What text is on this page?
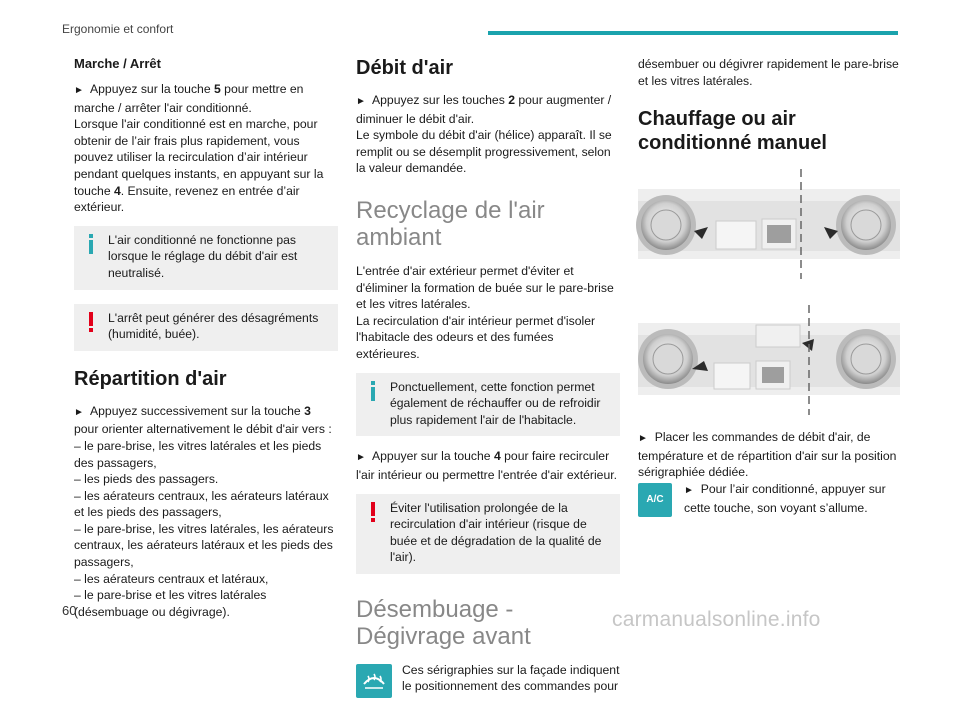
Ergonomie et confort
Marche / Arrêt

► Appuyez sur la touche 5 pour mettre en marche / arrêter l'air conditionné.

Lorsque l'air conditionné est en marche, pour obtenir de l’air frais plus rapidement, vous pouvez utiliser la recirculation d’air intérieur pendant quelques instants, en appuyant sur la touche 4. Ensuite, revenez en entrée d’air extérieur.

L'air conditionné ne fonctionne pas lorsque le réglage du débit d'air est neutralisé.
L'arrêt peut générer des désagréments (humidité, buée).
Répartition d'air

► Appuyez successivement sur la touche 3 pour orienter alternativement le débit d'air vers :

– le pare-brise, les vitres latérales et les pieds des passagers,

– les pieds des passagers.

– les aérateurs centraux, les aérateurs latéraux et les pieds des passagers,

– le pare-brise, les vitres latérales, les aérateurs centraux, les aérateurs latéraux et les pieds des passagers,

– les aérateurs centraux et latéraux,

– le pare-brise et les vitres latérales (désembuage ou dégivrage).

Débit d'air

► Appuyez sur les touches 2 pour augmenter / diminuer le débit d'air.

Le symbole du débit d'air (hélice) apparaît. Il se remplit ou se désemplit progressivement, selon la valeur demandée.

Recyclage de l'air ambiant

L'entrée d'air extérieur permet d'éviter et d'éliminer la formation de buée sur le pare-brise et les vitres latérales.

La recirculation d'air intérieur permet d'isoler l'habitacle des odeurs et des fumées extérieures.

Ponctuellement, cette fonction permet également de réchauffer ou de refroidir plus rapidement l'air de l'habitacle.

► Appuyer sur la touche 4 pour faire recirculer l'air intérieur ou permettre l'entrée d'air extérieur.

Éviter l'utilisation prolongée de la recirculation d'air intérieur (risque de buée et de dégradation de la qualité de l'air).
Désembuage - Dégivrage avant
Ces sérigraphies sur la façade indiquent le positionnement des commandes pour

désembuer ou dégivrer rapidement le pare-brise et les vitres latérales.

Chauffage ou air conditionné manuel

► Placer les commandes de débit d'air, de température et de répartition d'air sur la position sérigraphiée dédiée.

A/C
► Pour l’air conditionné, appuyer sur cette touche, son voyant s’allume.
60	carmanualsonline.info
